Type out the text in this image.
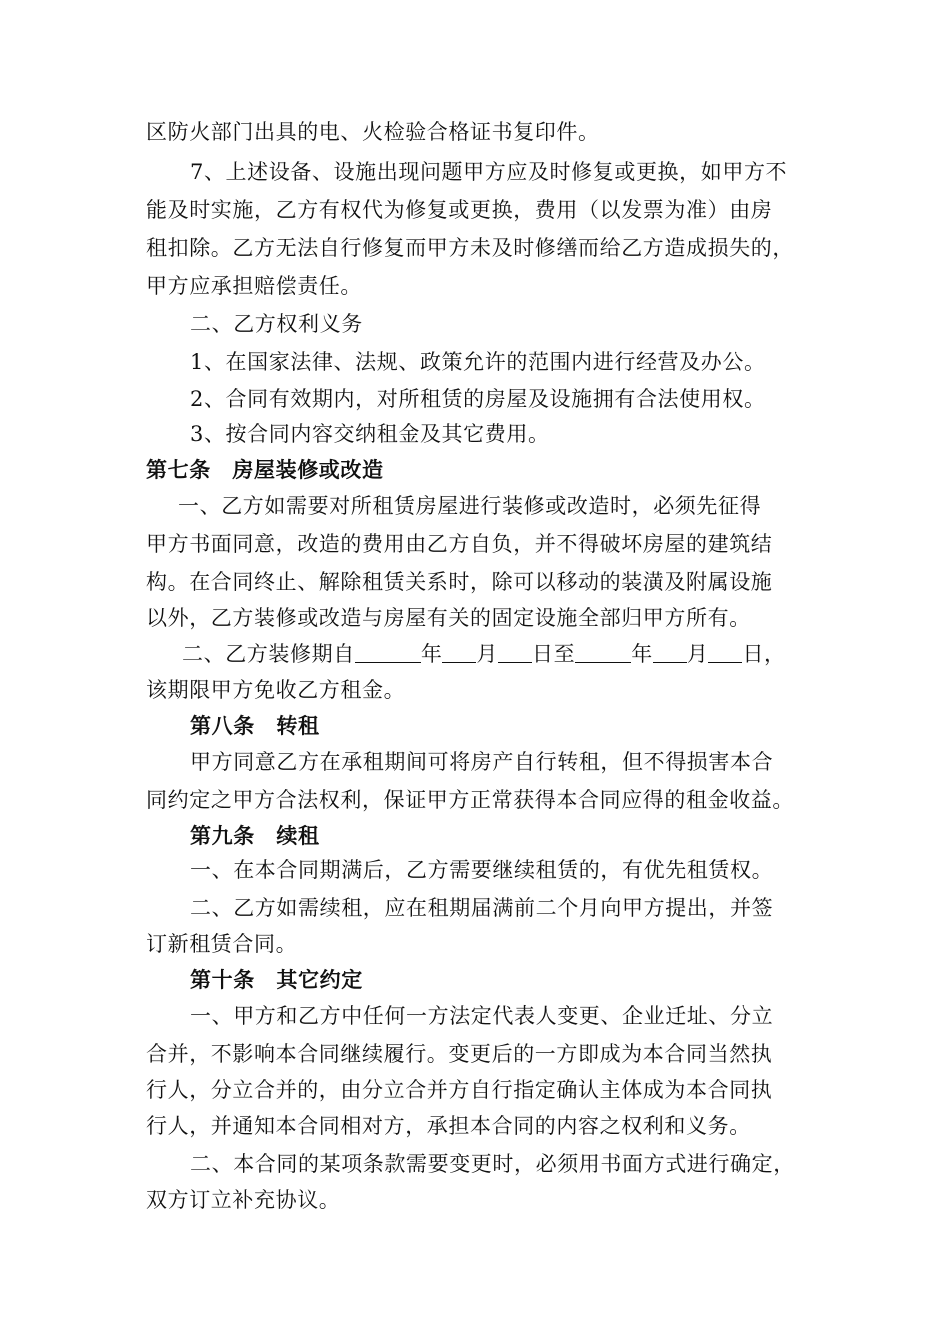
区防火部门出具的电、火检验合格证书复印件。
7、上述设备、设施出现问题甲方应及时修复或更换，如甲方不
能及时实施，乙方有权代为修复或更换，费用（以发票为准）由房
租扣除。乙方无法自行修复而甲方未及时修缮而给乙方造成损失的，
甲方应承担赔偿责任。
二、乙方权利义务
1、在国家法律、法规、政策允许的范围内进行经营及办公。
2、合同有效期内，对所租赁的房屋及设施拥有合法使用权。
3、按合同内容交纳租金及其它费用。
第七条　房屋装修或改造
一、乙方如需要对所租赁房屋进行装修或改造时，必须先征得
甲方书面同意，改造的费用由乙方自负，并不得破坏房屋的建筑结
构。在合同终止、解除租赁关系时，除可以移动的装潢及附属设施
以外，乙方装修或改造与房屋有关的固定设施全部归甲方所有。
二、乙方装修期自	年 月 日至	年 月 日，
该期限甲方免收乙方租金。
第八条　转租
甲方同意乙方在承租期间可将房产自行转租，但不得损害本合
同约定之甲方合法权利，保证甲方正常获得本合同应得的租金收益。
第九条　续租
一、在本合同期满后，乙方需要继续租赁的，有优先租赁权。
二、乙方如需续租，应在租期届满前二个月向甲方提出，并签
订新租赁合同。
第十条　其它约定
一、甲方和乙方中任何一方法定代表人变更、企业迁址、分立
合并，不影响本合同继续履行。变更后的一方即成为本合同当然执
行人，分立合并的，由分立合并方自行指定确认主体成为本合同执
行人，并通知本合同相对方，承担本合同的内容之权利和义务。
二、本合同的某项条款需要变更时，必须用书面方式进行确定，
双方订立补充协议。
